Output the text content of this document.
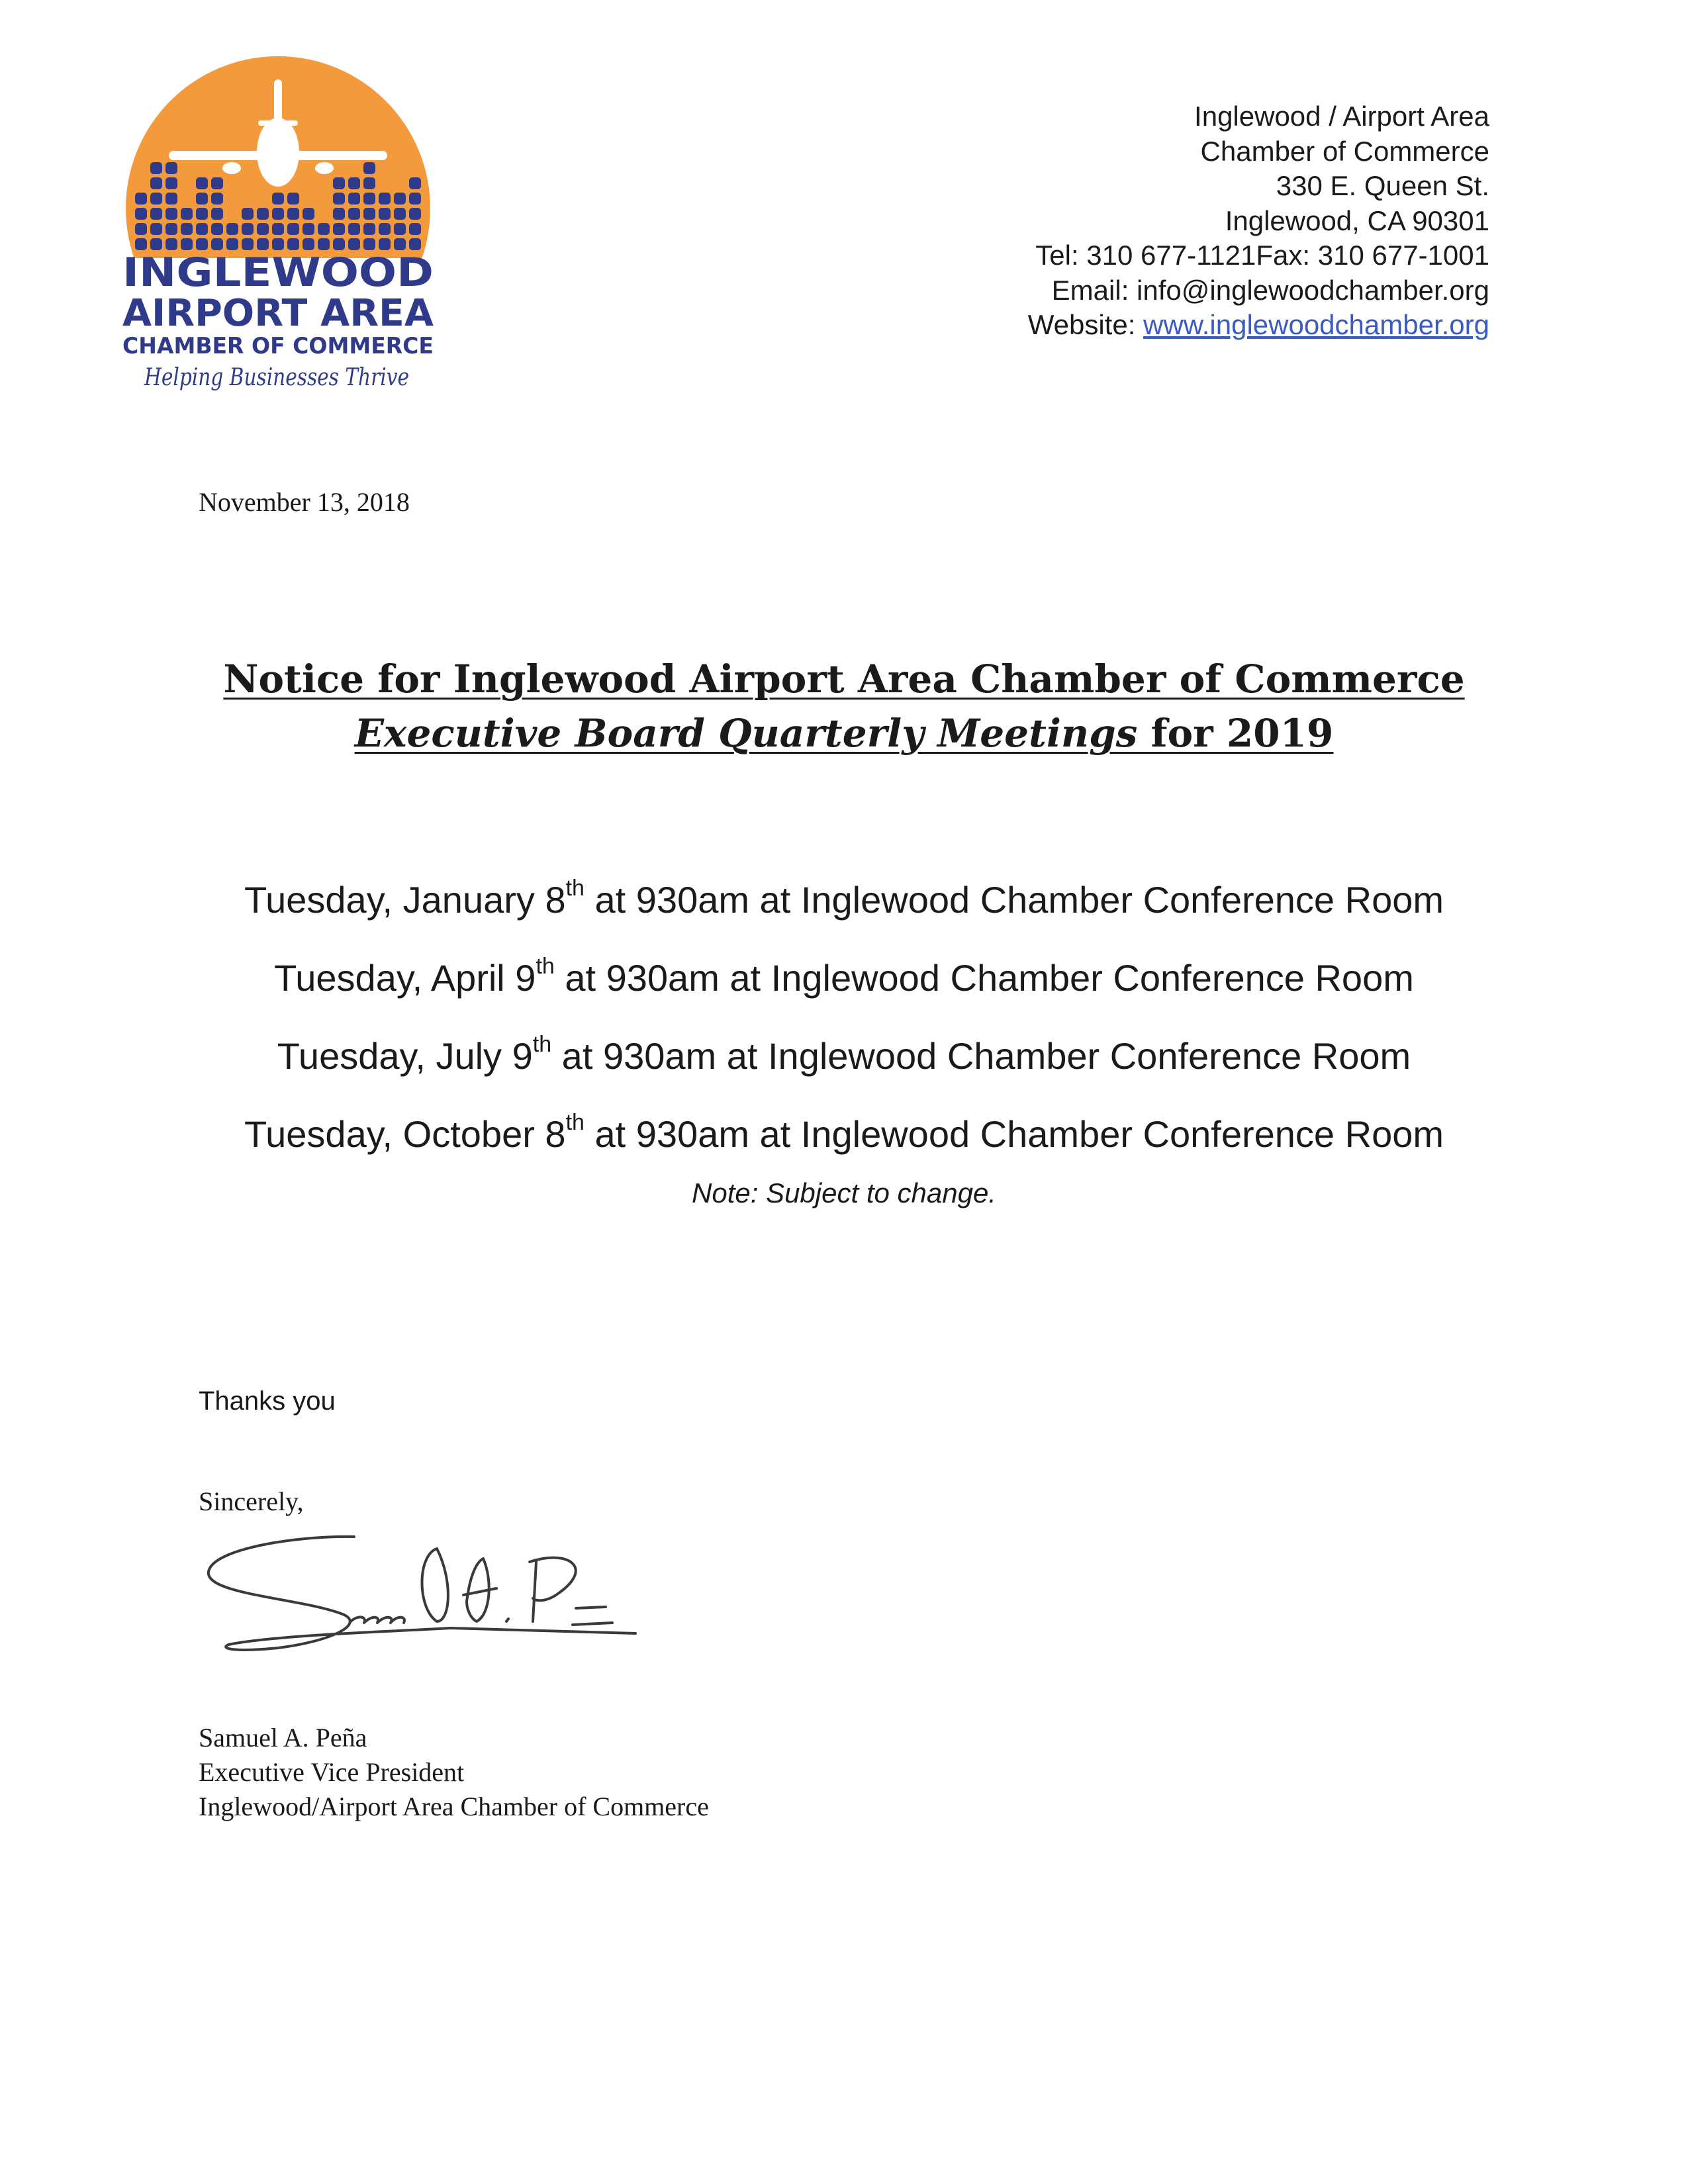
INGLEWOOD
AIRPORT AREA
CHAMBER OF COMMERCE
Helping Businesses Thrive
Inglewood / Airport Area
Chamber of Commerce
330 E. Queen St.
Inglewood, CA 90301
Tel: 310 677-1121Fax: 310 677-1001
Email: info@inglewoodchamber.org
Website: www.inglewoodchamber.org
November 13, 2018
Notice for Inglewood Airport Area Chamber of Commerce
Executive Board Quarterly Meetings for 2019
Tuesday, January 8th at 930am at Inglewood Chamber Conference Room
Tuesday, April 9th at 930am at Inglewood Chamber Conference Room
Tuesday, July 9th at 930am at Inglewood Chamber Conference Room
Tuesday, October 8th at 930am at Inglewood Chamber Conference Room
Note: Subject to change.
Thanks you
Sincerely,
Samuel A. Peña
Executive Vice President
Inglewood/Airport Area Chamber of Commerce
